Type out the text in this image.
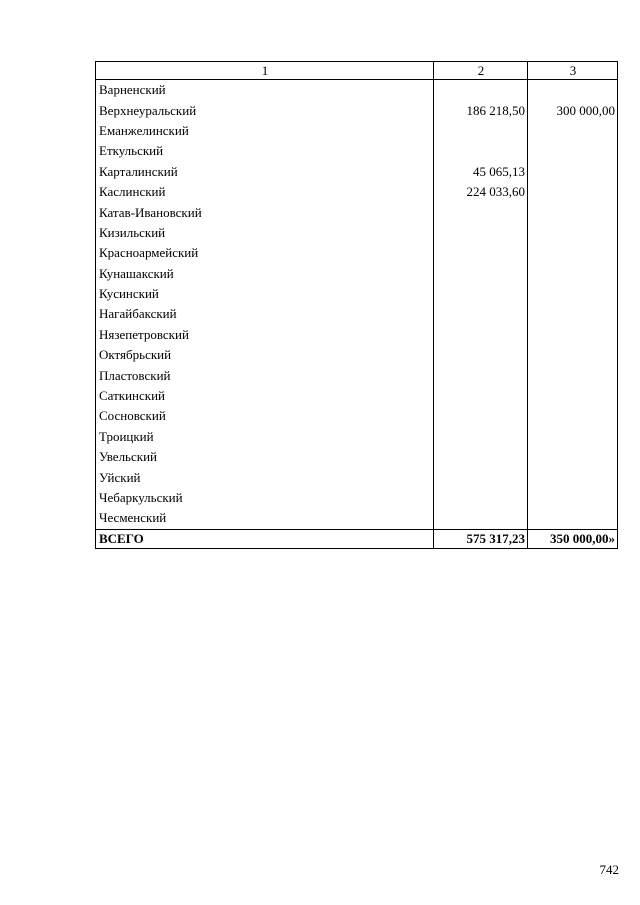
1	2	3
Варненский		
Верхнеуральский	186 218,50	300 000,00
Еманжелинский		
Еткульский		
Карталинский	45 065,13	
Каслинский	224 033,60	
Катав-Ивановский		
Кизильский		
Красноармейский		
Кунашакский		
Кусинский		
Нагайбакский		
Нязепетровский		
Октябрьский		
Пластовский		
Саткинский		
Сосновский		
Троицкий		
Увельский		
Уйский		
Чебаркульский		
Чесменский		
ВСЕГО	575 317,23	350 000,00»
742
